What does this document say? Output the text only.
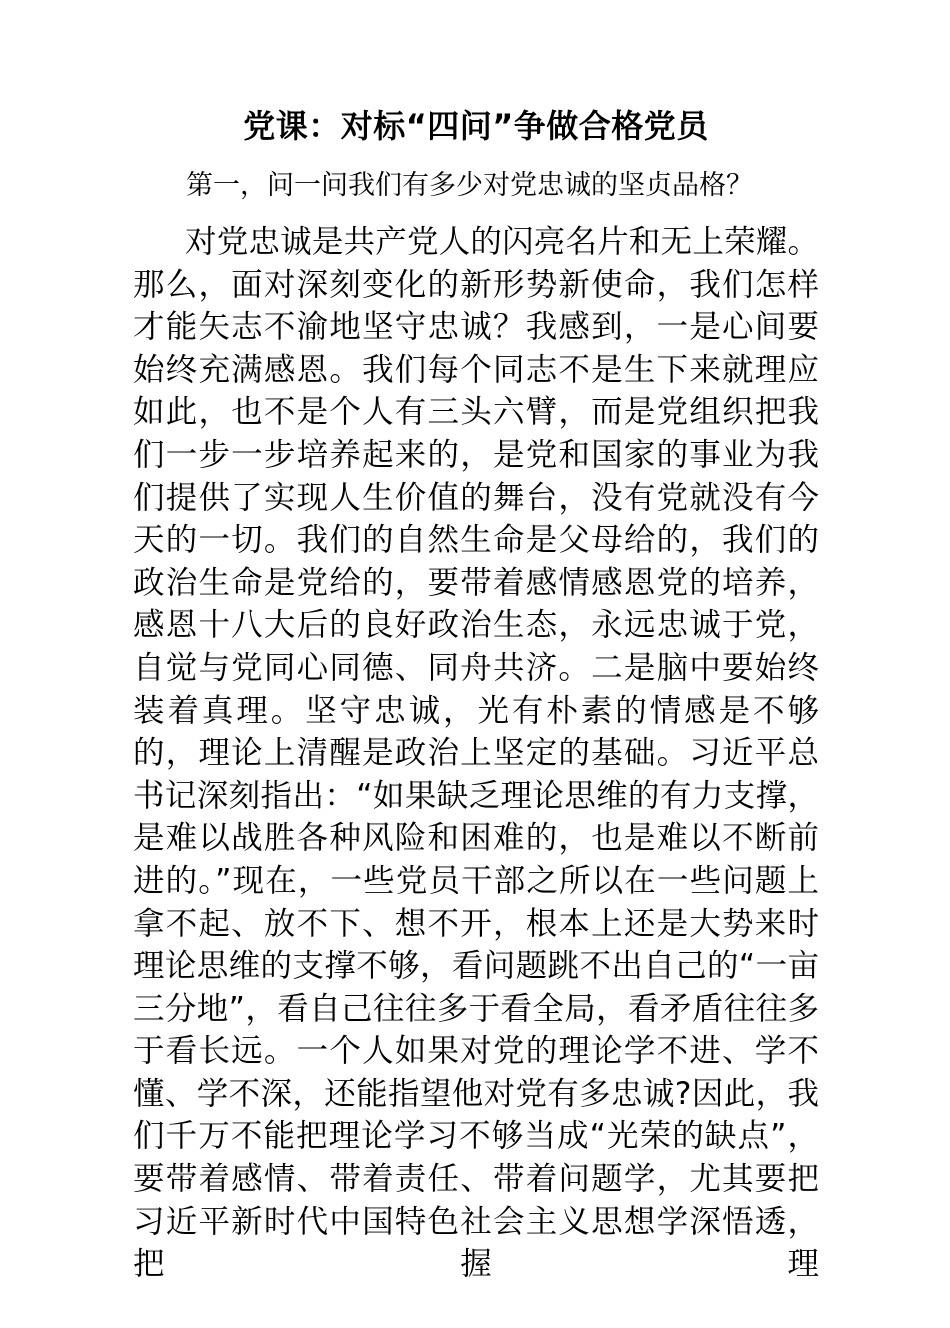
党课：对标“四问”争做合格党员

第一，问一问我们有多少对党忠诚的坚贞品格？

对党忠诚是共产党人的闪亮名片和无上荣耀。那么，面对深刻变化的新形势新使命，我们怎样才能矢志不渝地坚守忠诚？我感到，一是心间要始终充满感恩。我们每个同志不是生下来就理应如此，也不是个人有三头六臂，而是党组织把我们一步一步培养起来的，是党和国家的事业为我们提供了实现人生价值的舞台，没有党就没有今天的一切。我们的自然生命是父母给的，我们的政治生命是党给的，要带着感情感恩党的培养，感恩十八大后的良好政治生态，永远忠诚于党，自觉与党同心同德、同舟共济。二是脑中要始终装着真理。坚守忠诚，光有朴素的情感是不够的，理论上清醒是政治上坚定的基础。习近平总书记深刻指出：“如果缺乏理论思维的有力支撑，是难以战胜各种风险和困难的，也是难以不断前进的。”现在，一些党员干部之所以在一些问题上拿不起、放不下、想不开，根本上还是大势来时理论思维的支撑不够，看问题跳不出自己的“一亩三分地”，看自己往往多于看全局，看矛盾往往多于看长远。一个人如果对党的理论学不进、学不懂、学不深，还能指望他对党有多忠诚?因此，我们千万不能把理论学习不够当成“光荣的缺点”，要带着感情、带着责任、带着问题学，尤其要把习近平新时代中国特色社会主义思想学深悟透，把握理
